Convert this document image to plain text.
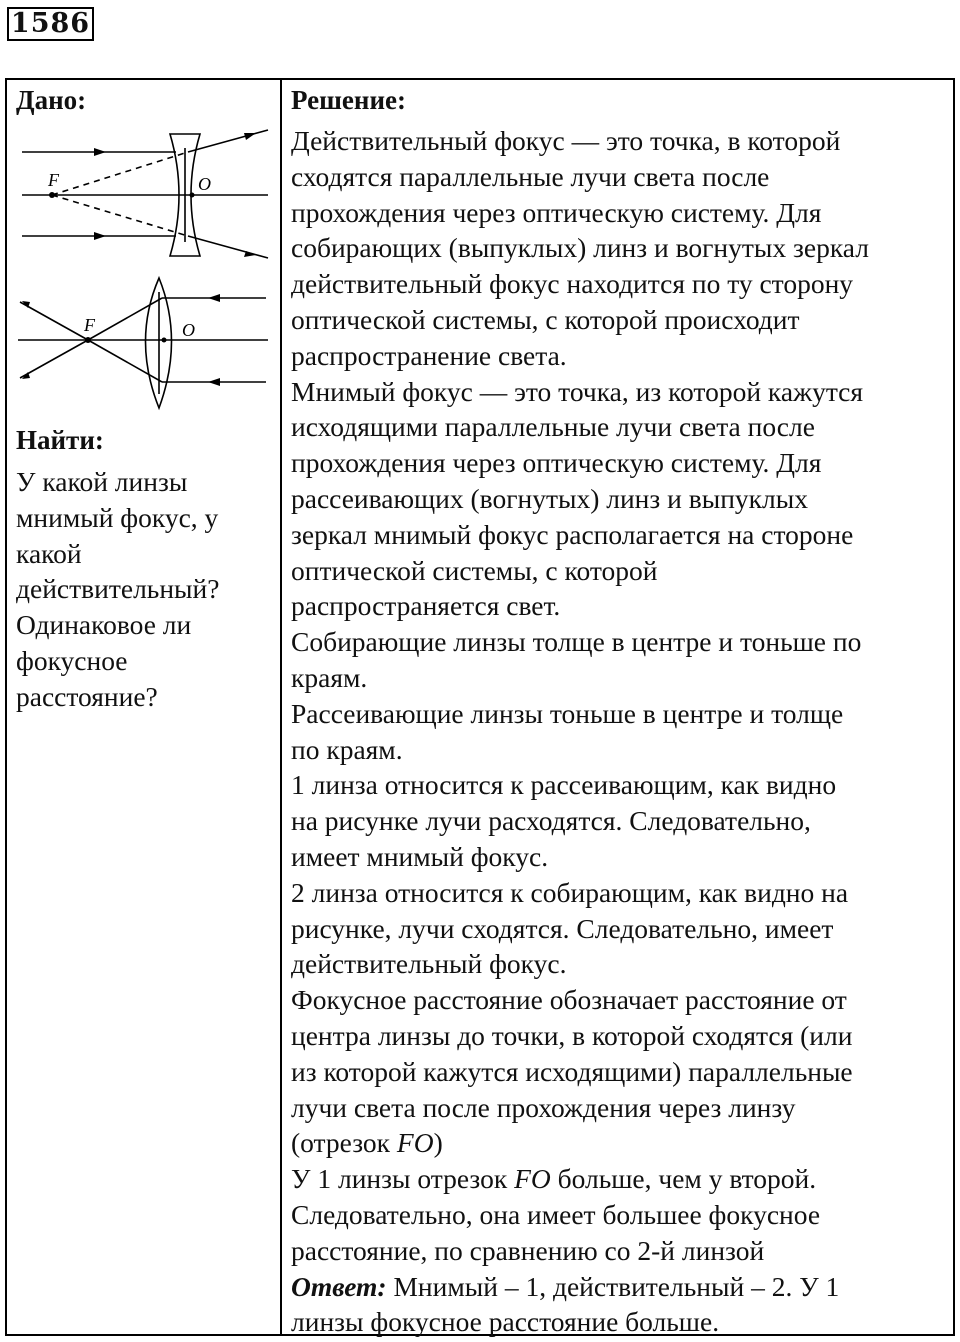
1586

Дано:

F	O
F	O

Найти:

У какой линзы

мнимый фокус, у

какой

действительный?

Одинаковое ли

фокусное

расстояние?

Решение:

Действительный фокус — это точка, в которой

сходятся параллельные лучи света после

прохождения через оптическую систему. Для

собирающих (выпуклых) линз и вогнутых зеркал

действительный фокус находится по ту сторону

оптической системы, с которой происходит

распространение света.

Мнимый фокус — это точка, из которой кажутся

исходящими параллельные лучи света после

прохождения через оптическую систему. Для

рассеивающих (вогнутых) линз и выпуклых

зеркал мнимый фокус располагается на стороне

оптической системы, с которой

распространяется свет.

Собирающие линзы толще в центре и тоньше по

краям.

Рассеивающие линзы тоньше в центре и толще

по краям.

1 линза относится к рассеивающим, как видно

на рисунке лучи расходятся. Следовательно,

имеет мнимый фокус.

2 линза относится к собирающим, как видно на

рисунке, лучи сходятся. Следовательно, имеет

действительный фокус.

Фокусное расстояние обозначает расстояние от

центра линзы до точки, в которой сходятся (или

из которой кажутся исходящими) параллельные

лучи света после прохождения через линзу

(отрезок FO)

У 1 линзы отрезок FO больше, чем у второй.

Следовательно, она имеет большее фокусное

расстояние, по сравнению со 2-й линзой

Ответ: Мнимый – 1, действительный – 2. У 1

линзы фокусное расстояние больше.
